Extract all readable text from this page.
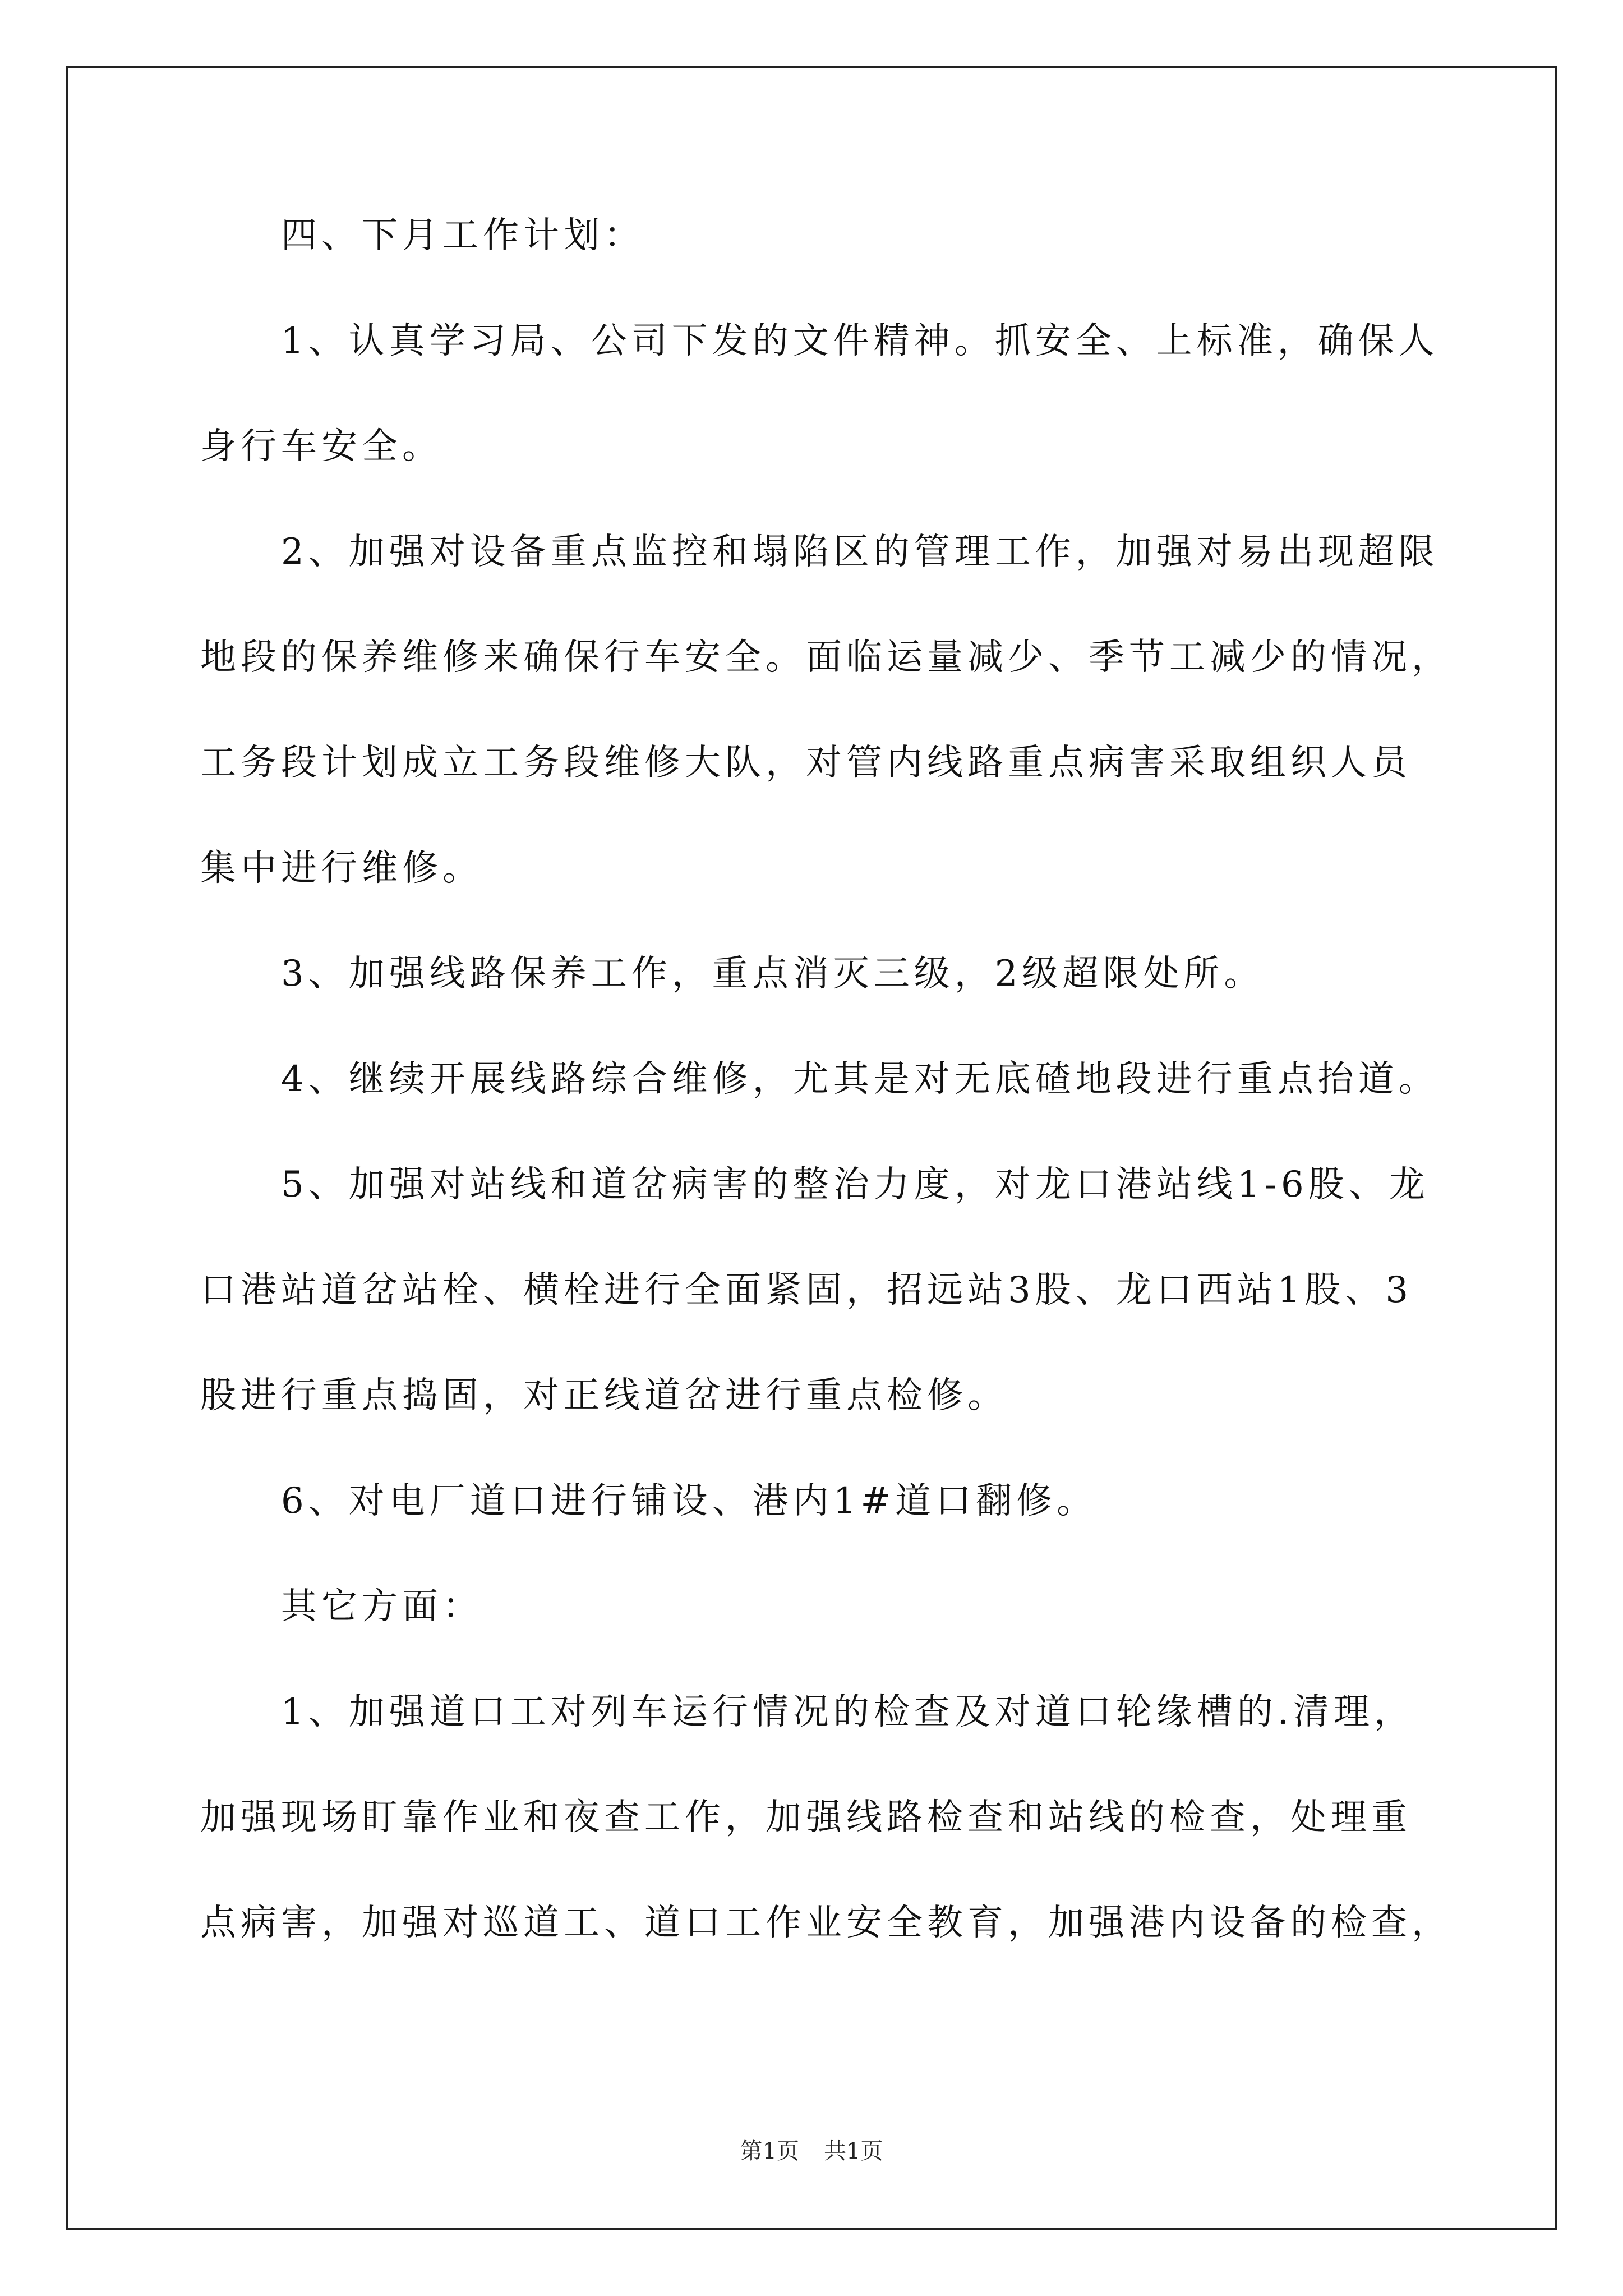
四、下月工作计划：
1、认真学习局、公司下发的文件精神。抓安全、上标准，确保人
身行车安全。
2、加强对设备重点监控和塌陷区的管理工作，加强对易出现超限
地段的保养维修来确保行车安全。面临运量减少、季节工减少的情况，
工务段计划成立工务段维修大队，对管内线路重点病害采取组织人员
集中进行维修。
3、加强线路保养工作，重点消灭三级，2级超限处所。
4、继续开展线路综合维修，尤其是对无底碴地段进行重点抬道。
5、加强对站线和道岔病害的整治力度，对龙口港站线1-6股、龙
口港站道岔站栓、横栓进行全面紧固，招远站3股、龙口西站1股、3
股进行重点捣固，对正线道岔进行重点检修。
6、对电厂道口进行铺设、港内1#道口翻修。
其它方面：
1、加强道口工对列车运行情况的检查及对道口轮缘槽的.清理，
加强现场盯靠作业和夜查工作，加强线路检查和站线的检查，处理重
点病害，加强对巡道工、道口工作业安全教育，加强港内设备的检查，
第1页 共1页
